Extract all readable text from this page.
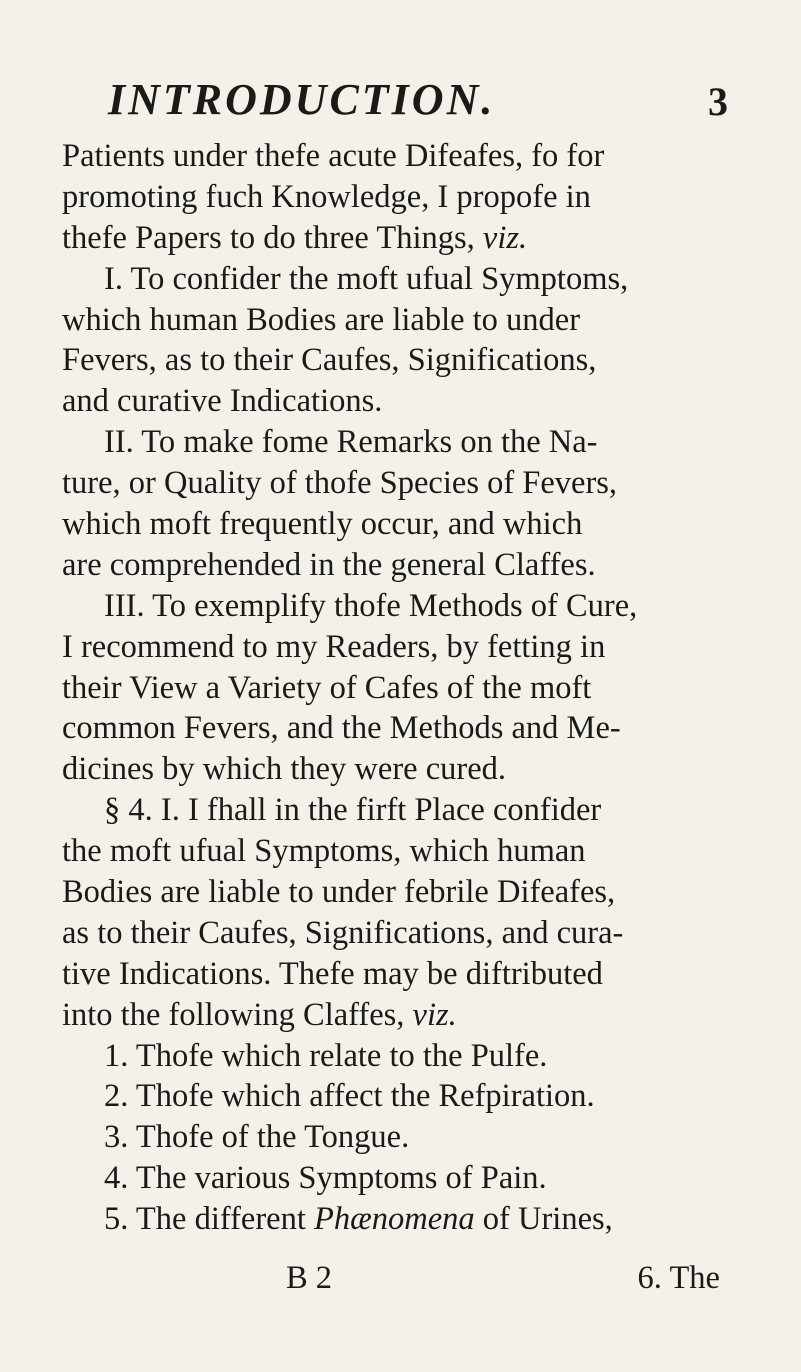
INTRODUCTION.	3
Patients under thefe acute Difeafes, fo for
promoting fuch Knowledge, I propofe in
thefe Papers to do three Things, viz.
I. To confider the moft ufual Symptoms,
which human Bodies are liable to under
Fevers, as to their Caufes, Significations,
and curative Indications.
II. To make fome Remarks on the Na-
ture, or Quality of thofe Species of Fevers,
which moft frequently occur, and which
are comprehended in the general Claffes.
III. To exemplify thofe Methods of Cure,
I recommend to my Readers, by fetting in
their View a Variety of Cafes of the moft
common Fevers, and the Methods and Me-
dicines by which they were cured.
§ 4. I. I fhall in the firft Place confider
the moft ufual Symptoms, which human
Bodies are liable to under febrile Difeafes,
as to their Caufes, Significations, and cura-
tive Indications. Thefe may be diftributed
into the following Claffes, viz.
1. Thofe which relate to the Pulfe.
2. Thofe which affect the Refpiration.
3. Thofe of the Tongue.
4. The various Symptoms of Pain.
5. The different Phænomena of Urines,
B 2	6. The
